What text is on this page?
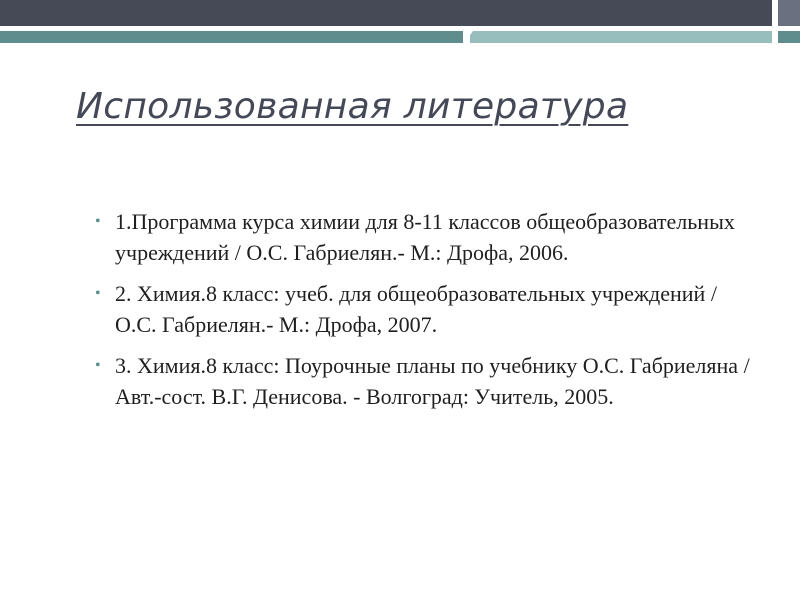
Использованная литература
• 1.Программа курса химии для 8-11 классов общеобразовательных учреждений / О.С. Габриелян.- М.: Дрофа, 2006.
• 2. Химия.8 класс: учеб. для общеобразовательных учреждений / О.С. Габриелян.- М.: Дрофа, 2007.
• 3. Химия.8 класс: Поурочные планы по учебнику О.С. Габриеляна /Авт.-сост. В.Г. Денисова. - Волгоград: Учитель, 2005.
